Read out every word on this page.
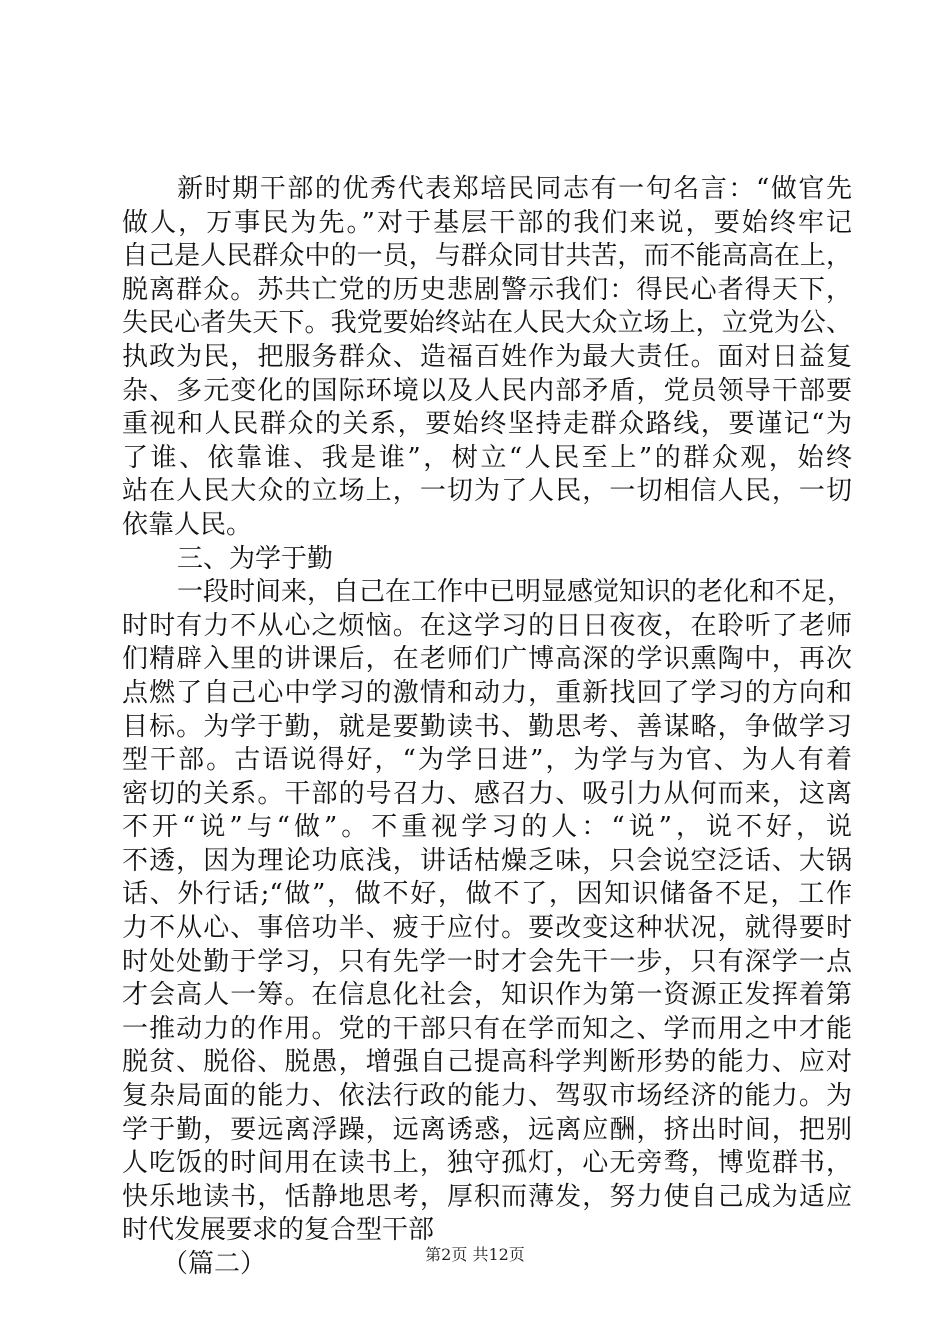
新时期干部的优秀代表郑培民同志有一句名言：“做官先
做人，万事民为先。”对于基层干部的我们来说，要始终牢记
自己是人民群众中的一员，与群众同甘共苦，而不能高高在上，
脱离群众。苏共亡党的历史悲剧警示我们：得民心者得天下，
失民心者失天下。我党要始终站在人民大众立场上，立党为公、
执政为民，把服务群众、造福百姓作为最大责任。面对日益复
杂、多元变化的国际环境以及人民内部矛盾，党员领导干部要
重视和人民群众的关系，要始终坚持走群众路线，要谨记“为
了谁、依靠谁、我是谁”，树立“人民至上”的群众观，始终
站在人民大众的立场上，一切为了人民，一切相信人民，一切
依靠人民。
三、为学于勤
一段时间来，自己在工作中已明显感觉知识的老化和不足，
时时有力不从心之烦恼。在这学习的日日夜夜，在聆听了老师
们精辟入里的讲课后，在老师们广博高深的学识熏陶中，再次
点燃了自己心中学习的激情和动力，重新找回了学习的方向和
目标。为学于勤，就是要勤读书、勤思考、善谋略，争做学习
型干部。古语说得好，“为学日进”，为学与为官、为人有着
密切的关系。干部的号召力、感召力、吸引力从何而来，这离
不开“说”与“做”。不重视学习的人：“说”，说不好，说
不透，因为理论功底浅，讲话枯燥乏味，只会说空泛话、大锅
话、外行话;“做”，做不好，做不了，因知识储备不足，工作
力不从心、事倍功半、疲于应付。要改变这种状况，就得要时
时处处勤于学习，只有先学一时才会先干一步，只有深学一点
才会高人一筹。在信息化社会，知识作为第一资源正发挥着第
一推动力的作用。党的干部只有在学而知之、学而用之中才能
脱贫、脱俗、脱愚，增强自己提高科学判断形势的能力、应对
复杂局面的能力、依法行政的能力、驾驭市场经济的能力。为
学于勤，要远离浮躁，远离诱惑，远离应酬，挤出时间，把别
人吃饭的时间用在读书上，独守孤灯，心无旁骛，博览群书，
快乐地读书，恬静地思考，厚积而薄发，努力使自己成为适应
时代发展要求的复合型干部
（篇二）	第2页 共12页
